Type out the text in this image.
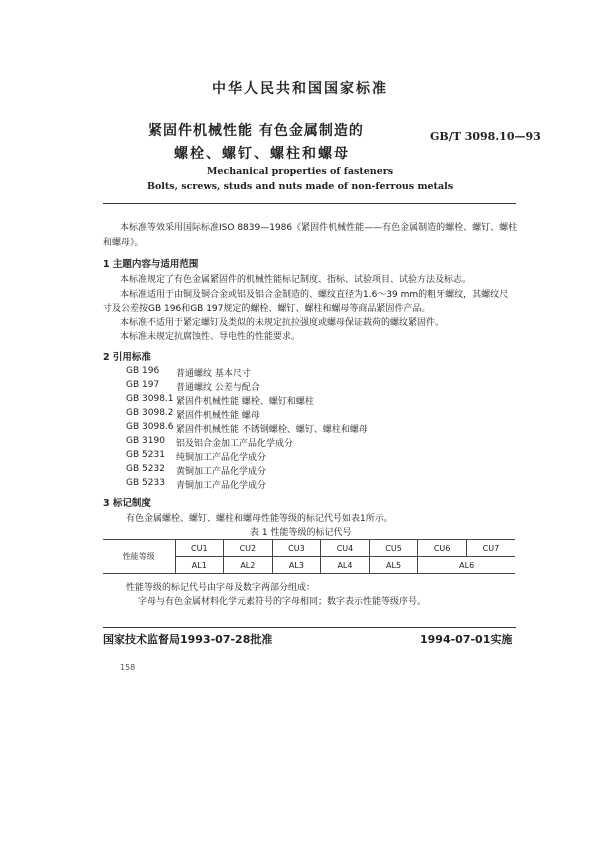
中华人民共和国国家标准
紧固件机械性能 有色金属制造的
螺栓、螺钉、螺柱和螺母
GB/T 3098.10—93
Mechanical properties of fasteners
Bolts, screws, studs and nuts made of non-ferrous metals
本标准等效采用国际标准ISO 8839—1986《紧固件机械性能——有色金属制造的螺栓、螺钉、螺柱
和螺母》。
1 主题内容与适用范围
本标准规定了有色金属紧固件的机械性能标记制度、指标、试验项目、试验方法及标志。
本标准适用于由铜及铜合金或铝及铝合金制造的、螺纹直径为1.6～39 mm的粗牙螺纹，其螺纹尺
寸及公差按GB 196和GB 197规定的螺栓、螺钉、螺柱和螺母等商品紧固件产品。
本标准不适用于紧定螺钉及类似的未规定抗拉强度或螺母保证载荷的螺纹紧固件。
本标准未规定抗腐蚀性、导电性的性能要求。
2 引用标准
GB 196 普通螺纹 基本尺寸
GB 197 普通螺纹 公差与配合
GB 3098.1 紧固件机械性能 螺栓、螺钉和螺柱
GB 3098.2 紧固件机械性能 螺母
GB 3098.6 紧固件机械性能 不锈钢螺栓、螺钉、螺柱和螺母
GB 3190 铝及铝合金加工产品化学成分
GB 5231 纯铜加工产品化学成分
GB 5232 黄铜加工产品化学成分
GB 5233 青铜加工产品化学成分
3 标记制度
有色金属螺栓、螺钉、螺柱和螺母性能等级的标记代号如表1所示。
表 1 性能等级的标记代号
性能等级	CU1	CU2	CU3	CU4	CU5	CU6	CU7
	AL1	AL2	AL3	AL4	AL5	AL6	
性能等级的标记代号由字母及数字两部分组成：
字母与有色金属材料化学元素符号的字母相同；数字表示性能等级序号。
国家技术监督局1993-07-28批准	1994-07-01实施
158
